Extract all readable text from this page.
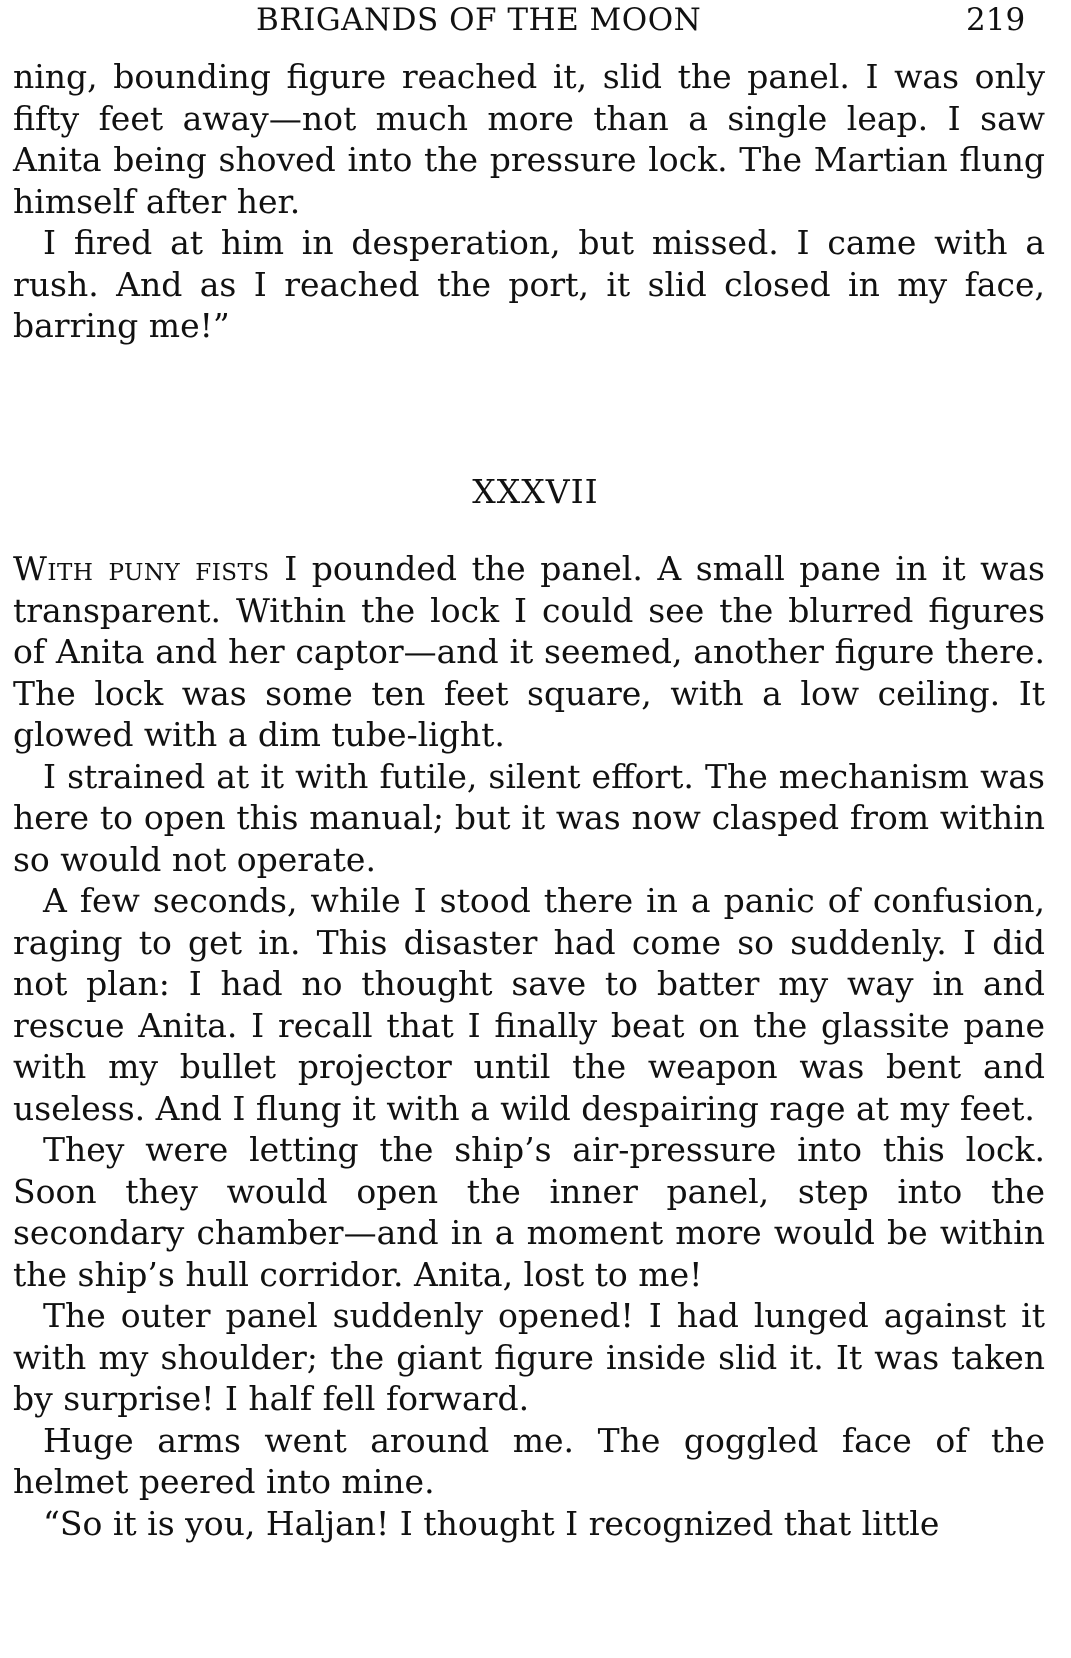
BRIGANDS OF THE MOON	219

ning, bounding figure reached it, slid the panel. I was only fifty feet away—not much more than a single leap. I saw Anita being shoved into the pressure lock. The Martian flung himself after her.

I fired at him in desperation, but missed. I came with a rush. And as I reached the port, it slid closed in my face, barring me!”

XXXVII

With puny fists I pounded the panel. A small pane in it was transparent. Within the lock I could see the blurred figures of Anita and her captor—and it seemed, another figure there. The lock was some ten feet square, with a low ceiling. It glowed with a dim tube-light.

I strained at it with futile, silent effort. The mechanism was here to open this manual; but it was now clasped from within so would not operate.

A few seconds, while I stood there in a panic of confusion, raging to get in. This disaster had come so suddenly. I did not plan: I had no thought save to batter my way in and rescue Anita. I recall that I finally beat on the glassite pane with my bullet projector until the weapon was bent and useless. And I flung it with a wild despairing rage at my feet.

They were letting the ship’s air-pressure into this lock. Soon they would open the inner panel, step into the secondary chamber—and in a moment more would be within the ship’s hull corridor. Anita, lost to me!

The outer panel suddenly opened! I had lunged against it with my shoulder; the giant figure inside slid it. It was taken by surprise! I half fell forward.

Huge arms went around me. The goggled face of the helmet peered into mine.

“So it is you, Haljan! I thought I recognized that little
